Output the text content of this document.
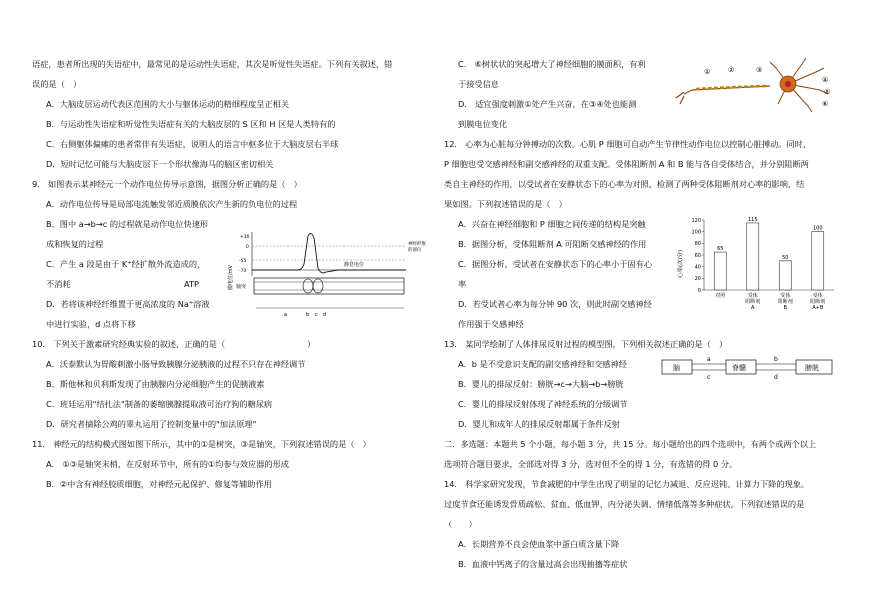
语症，患者所出现的失语症中，最常见的是运动性失语症，其次是听觉性失语症。下列有关叙述，错
误的是（　）
A．大脑皮层运动代表区范围的大小与躯体运动的精细程度呈正相关
B．与运动性失语症和听觉性失语症有关的大脑皮层的 S 区和 H 区是人类特有的
C．右侧躯体偏瘫的患者常伴有失语症，说明人的语言中枢多位于大脑皮层右半球
D．短时记忆可能与大脑皮层下一个形状像海马的脑区密切相关
9.　如图表示某神经元一个动作电位传导示意图，据图分析正确的是（　）
A．动作电位传导是局部电流触发邻近质膜依次产生新的负电位的过程
B．图中 a→b→c 的过程就是动作电位快速形
成和恢复的过程
C．产生 a 段是由于 K⁺经扩散外流造成的，
不消耗	ATP
D．若将该神经纤维置于更高浓度的 Na⁺溶液
中进行实验，d 点将下移
膜电位/mV
+30
0
-55
-70
静息电位
神经纤维
的部位
轴突
a	b c d
10.　下列关于激素研究经典实验的叙述，正确的是（　　　　　　　　　　）
A．沃泰默认为胃酸刺激小肠导致胰腺分泌胰液的过程不只存在神经调节
B．斯他林和贝利斯发现了由胰腺内分泌细胞产生的促胰液素
C．班廷运用"结扎法"制备的萎缩胰腺提取液可治疗狗的糖尿病
D．研究者摘除公鸡的睾丸运用了控制变量中的"加法原理"
11.　神经元的结构模式图如图下所示，其中的①是树突，③是轴突，下列叙述错误的是（　）
A.　①③是轴突末梢，在反射环节中，所有的①均参与效应器的形成
B．②中含有神经胶质细胞，对神经元起保护、修复等辅助作用
C.　⑥树状状的突起增大了神经细胞的膜面积，有利
于接受信息
D.　适宜强度刺激①处产生兴奋，在③④处也能测
到膜电位变化
①	②	③
④
⑤
⑥
12.　心率为心脏每分钟搏动的次数。心肌 P 细胞可自动产生节律性动作电位以控制心脏搏动。同时，
P 细胞也受交感神经和副交感神经的双重支配。受体阻断剂 A 和 B 能与各自受体结合，并分别阻断两
类自主神经的作用，以受试者在安静状态下的心率为对照，检测了两种受体阻断剂对心率的影响，结
果如图。下列叙述错误的是（　）
A．兴奋在神经细胞和 P 细胞之间传递的结构是突触
B．据图分析，受体阻断剂 A 可阻断交感神经的作用
C．据图分析，受试者在安静状态下的心率小于固有心
率
D．若受试者心率为每分钟 90 次，则此时副交感神经
作用强于交感神经
心率(次/分)
0
20
40
60
80
100
120
65
对照
115
受体
阻断剂
A
50
受体
阻断剂
B
100
受体
阻断剂
A+B
13.　某同学绘制了人体排尿反射过程的模型图，下列相关叙述正确的是（　）
A．b 是不受意识支配的副交感神经和交感神经
B．婴儿的排尿反射：膀胱→c→大脑→b→膀胱
C．婴儿的排尿反射体现了神经系统的分级调节
D．婴儿和成年人的排尿反射都属于条件反射
脑	脊髓	膀胱
a
c
b
d
二．多选题：本题共 5 个小题，每小题 3 分，共 15 分。每小题给出的四个选项中，有两个或两个以上
选项符合题目要求，全部选对得 3 分，选对但不全的得 1 分，有选错的得 0 分。
14.　科学家研究发现，节食减肥的中学生出现了明显的记忆力减退、反应迟钝、计算力下降的现象。
过度节食还能诱发骨质疏松、贫血、低血钾、内分泌失调、情绪低落等多种症状。下列叙述错误的是
（　　）
A．长期营养不良会使血浆中蛋白质含量下降
B．血液中钙离子的含量过高会出现抽搐等症状
